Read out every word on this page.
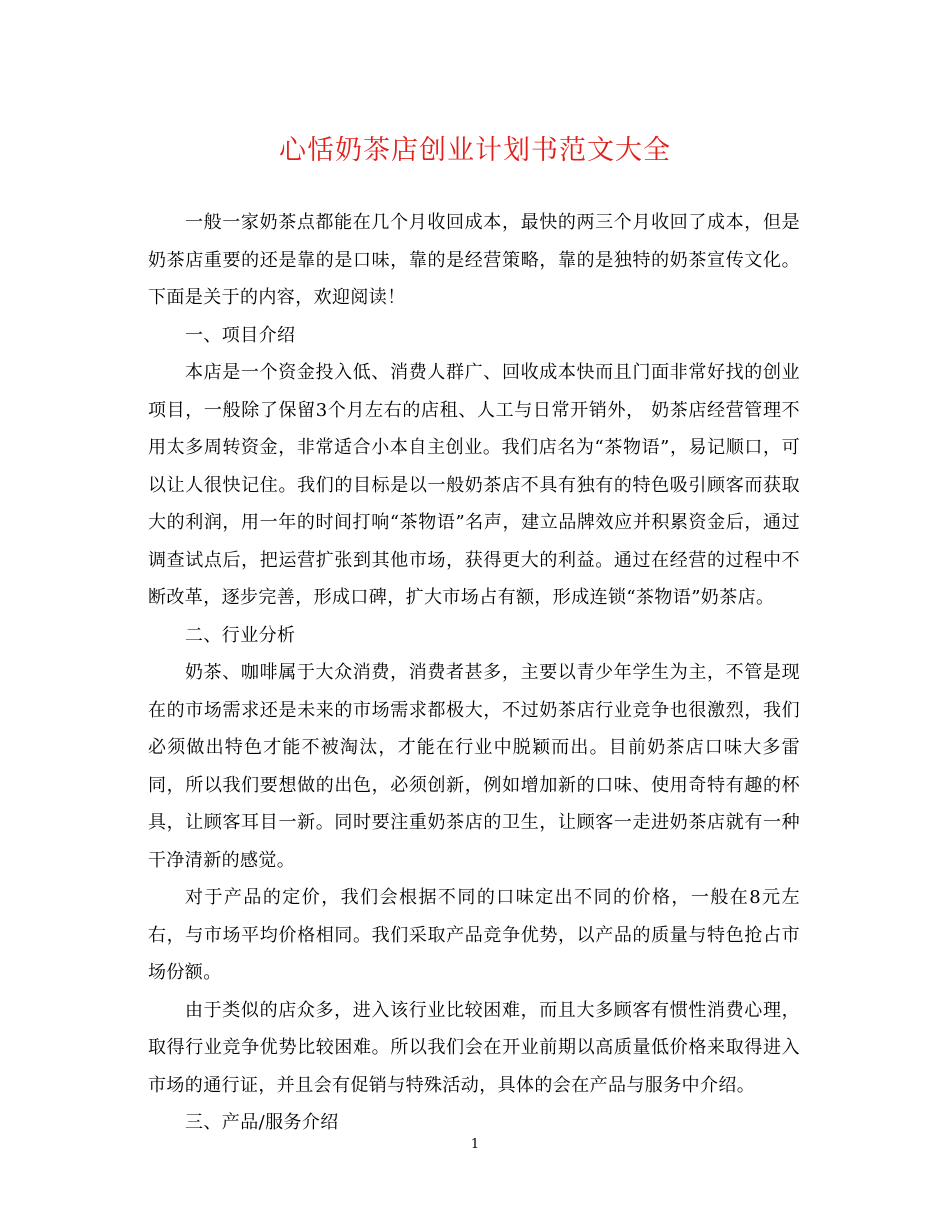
心恬奶茶店创业计划书范文大全

一般一家奶茶点都能在几个月收回成本，最快的两三个月收回了成本，但是奶茶店重要的还是靠的是口味，靠的是经营策略，靠的是独特的奶茶宣传文化。下面是关于的内容，欢迎阅读！

一、项目介绍

本店是一个资金投入低、消费人群广、回收成本快而且门面非常好找的创业项目，一般除了保留3个月左右的店租、人工与日常开销外， 奶茶店经营管理不用太多周转资金，非常适合小本自主创业。我们店名为“茶物语”，易记顺口，可以让人很快记住。我们的目标是以一般奶茶店不具有独有的特色吸引顾客而获取大的利润，用一年的时间打响“茶物语”名声，建立品牌效应并积累资金后，通过调查试点后，把运营扩张到其他市场，获得更大的利益。通过在经营的过程中不断改革，逐步完善，形成口碑，扩大市场占有额，形成连锁“茶物语”奶茶店。

二、行业分析

奶茶、咖啡属于大众消费，消费者甚多，主要以青少年学生为主，不管是现在的市场需求还是未来的市场需求都极大，不过奶茶店行业竞争也很激烈，我们必须做出特色才能不被淘汰，才能在行业中脱颖而出。目前奶茶店口味大多雷同，所以我们要想做的出色，必须创新，例如增加新的口味、使用奇特有趣的杯具，让顾客耳目一新。同时要注重奶茶店的卫生，让顾客一走进奶茶店就有一种干净清新的感觉。

对于产品的定价，我们会根据不同的口味定出不同的价格，一般在8元左右，与市场平均价格相同。我们采取产品竞争优势，以产品的质量与特色抢占市场份额。

由于类似的店众多，进入该行业比较困难，而且大多顾客有惯性消费心理，取得行业竞争优势比较困难。所以我们会在开业前期以高质量低价格来取得进入市场的通行证，并且会有促销与特殊活动，具体的会在产品与服务中介绍。

三、产品/服务介绍

1
